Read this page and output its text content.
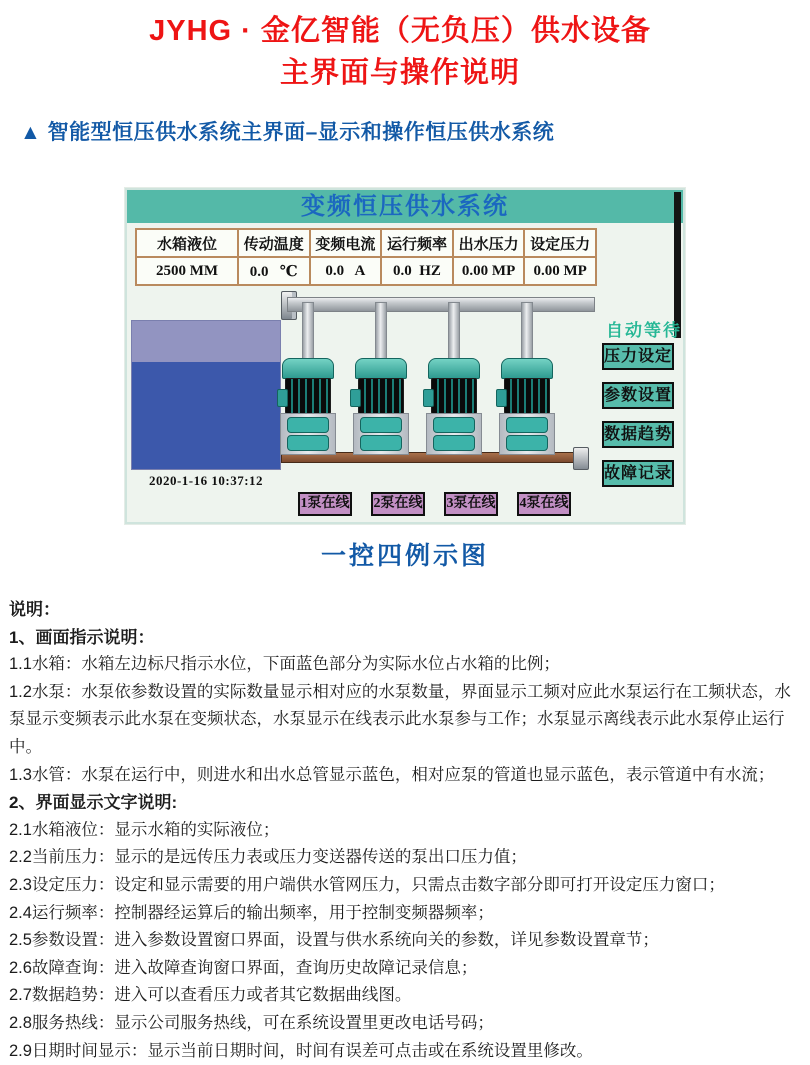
JYHG · 金亿智能（无负压）供水设备
主界面与操作说明
▲ 智能型恒压供水系统主界面–显示和操作恒压供水系统
变频恒压供水系统
水箱液位	传动温度	变频电流	运行频率	出水压力	设定压力
2500 MM	0.0   ℃	0.0   A	0.0  HZ	0.00 MP	0.00 MP
自动等待
压力设定
参数设置
数据趋势
故障记录
2020-1-16 10:37:12
1泵在线 2泵在线 3泵在线 4泵在线
一控四例示图

说明：

1、画面指示说明：

1.1水箱：水箱左边标尺指示水位，下面蓝色部分为实际水位占水箱的比例；

1.2水泵：水泵依参数设置的实际数量显示相对应的水泵数量，界面显示工频对应此水泵运行在工频状态，水泵显示变频表示此水泵在变频状态，水泵显示在线表示此水泵参与工作；水泵显示离线表示此水泵停止运行中。

1.3水管：水泵在运行中，则进水和出水总管显示蓝色，相对应泵的管道也显示蓝色，表示管道中有水流；

2、界面显示文字说明:

2.1水箱液位：显示水箱的实际液位；

2.2当前压力：显示的是远传压力表或压力变送器传送的泵出口压力值；

2.3设定压力：设定和显示需要的用户端供水管网压力，只需点击数字部分即可打开设定压力窗口；

2.4运行频率：控制器经运算后的输出频率，用于控制变频器频率；

2.5参数设置：进入参数设置窗口界面，设置与供水系统向关的参数，详见参数设置章节；

2.6故障查询：进入故障查询窗口界面，查询历史故障记录信息；

2.7数据趋势：进入可以查看压力或者其它数据曲线图。

2.8服务热线：显示公司服务热线，可在系统设置里更改电话号码；

2.9日期时间显示：显示当前日期时间，时间有误差可点击或在系统设置里修改。
